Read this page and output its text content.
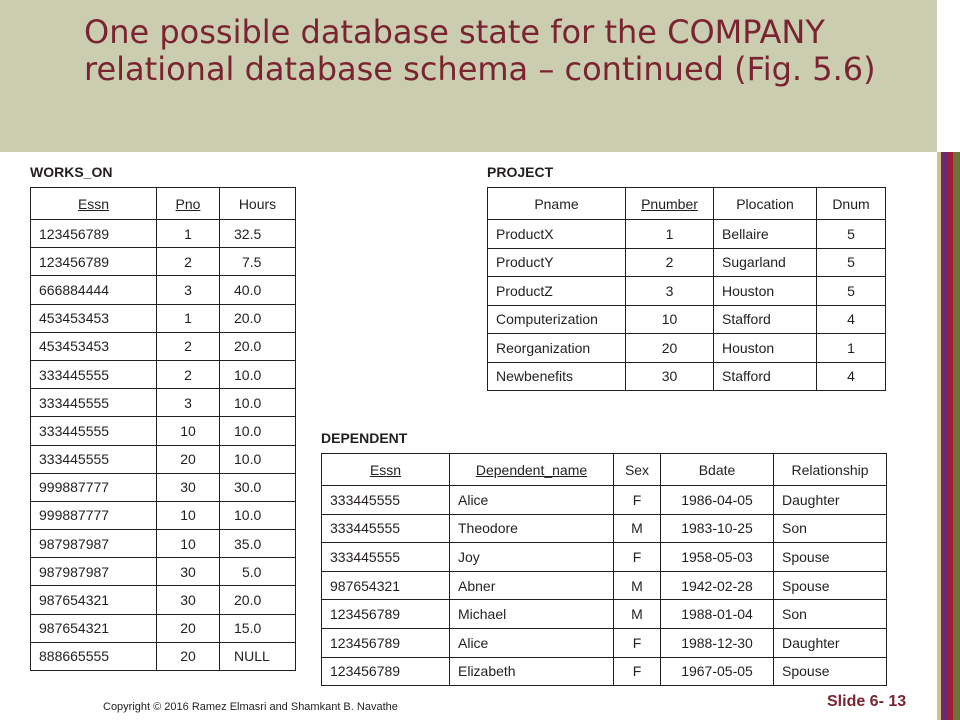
One possible database state for the COMPANY relational database schema – continued (Fig. 5.6)
WORKS_ON
Essn	Pno	Hours
123456789	1	32.5
123456789	2	7.5
666884444	3	40.0
453453453	1	20.0
453453453	2	20.0
333445555	2	10.0
333445555	3	10.0
333445555	10	10.0
333445555	20	10.0
999887777	30	30.0
999887777	10	10.0
987987987	10	35.0
987987987	30	5.0
987654321	30	20.0
987654321	20	15.0
888665555	20	NULL
PROJECT
Pname	Pnumber	Plocation	Dnum
ProductX	1	Bellaire	5
ProductY	2	Sugarland	5
ProductZ	3	Houston	5
Computerization	10	Stafford	4
Reorganization	20	Houston	1
Newbenefits	30	Stafford	4
DEPENDENT
Essn	Dependent_name	Sex	Bdate	Relationship
333445555	Alice	F	1986-04-05	Daughter
333445555	Theodore	M	1983-10-25	Son
333445555	Joy	F	1958-05-03	Spouse
987654321	Abner	M	1942-02-28	Spouse
123456789	Michael	M	1988-01-04	Son
123456789	Alice	F	1988-12-30	Daughter
123456789	Elizabeth	F	1967-05-05	Spouse
Copyright © 2016 Ramez Elmasri and Shamkant B. Navathe	Slide 6- 13
